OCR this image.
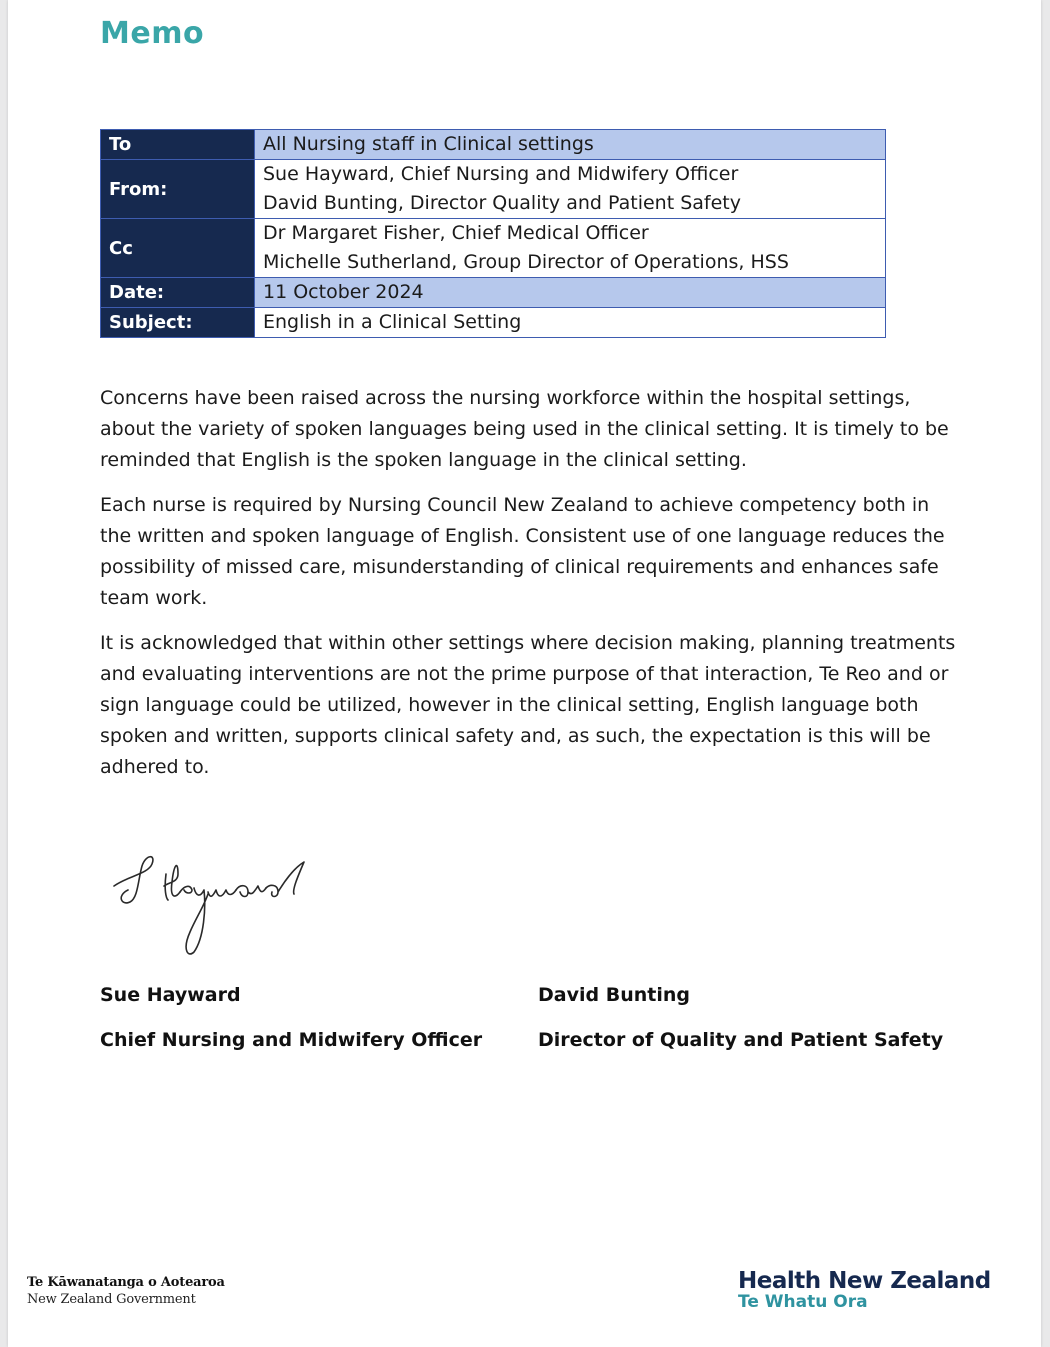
Memo
To	All Nursing staff in Clinical settings

From:	Sue Hayward, Chief Nursing and Midwifery Officer
David Bunting, Director Quality and Patient Safety

Cc	Dr Margaret Fisher, Chief Medical Officer
Michelle Sutherland, Group Director of Operations, HSS

Date:	11 October 2024

Subject:	English in a Clinical Setting

Concerns have been raised across the nursing workforce within the hospital settings, about the variety of spoken languages being used in the clinical setting. It is timely to be reminded that English is the spoken language in the clinical setting.

Each nurse is required by Nursing Council New Zealand to achieve competency both in the written and spoken language of English. Consistent use of one language reduces the possibility of missed care, misunderstanding of clinical requirements and enhances safe team work.

It is acknowledged that within other settings where decision making, planning treatments and evaluating interventions are not the prime purpose of that interaction, Te Reo and or sign language could be utilized, however in the clinical setting, English language both spoken and written, supports clinical safety and, as such, the expectation is this will be adhered to.

Sue Hayward
Chief Nursing and Midwifery Officer
David Bunting
Director of Quality and Patient Safety
Te Kāwanatanga o Aotearoa
New Zealand Government
Health New Zealand
Te Whatu Ora
